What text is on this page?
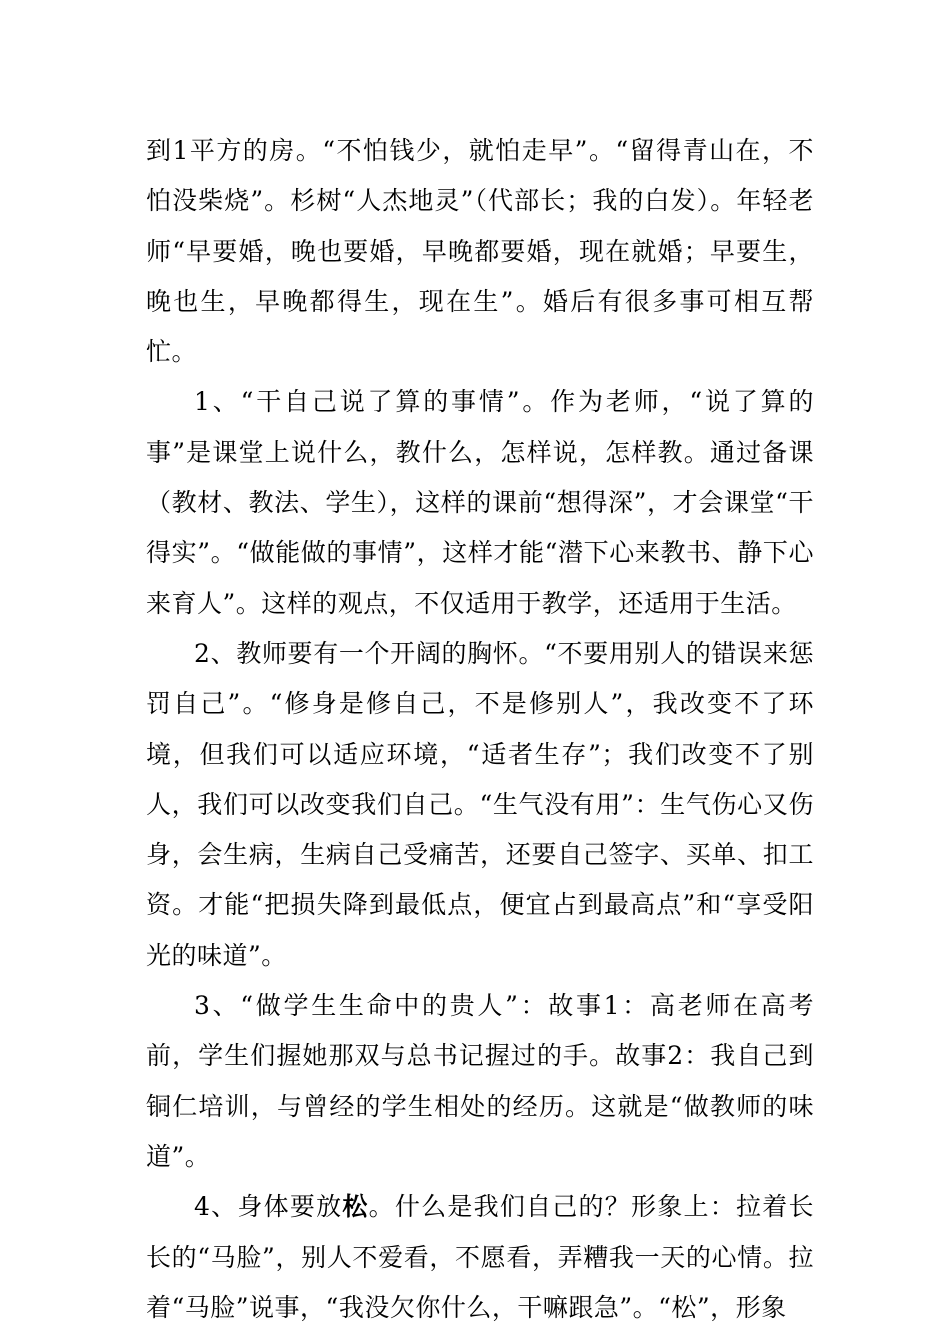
到1平方的房。“不怕钱少，就怕走早”。“留得青山在，不怕没柴烧”。杉树“人杰地灵”（代部长；我的白发）。年轻老师“早要婚，晚也要婚，早晚都要婚，现在就婚；早要生，晚也生，早晚都得生，现在生”。婚后有很多事可相互帮忙。

1、“干自己说了算的事情”。作为老师，“说了算的事”是课堂上说什么，教什么，怎样说，怎样教。通过备课（教材、教法、学生），这样的课前“想得深”，才会课堂“干得实”。“做能做的事情”，这样才能“潜下心来教书、静下心来育人”。这样的观点，不仅适用于教学，还适用于生活。

2、教师要有一个开阔的胸怀。“不要用别人的错误来惩罚自己”。“修身是修自己，不是修别人”，我改变不了环境，但我们可以适应环境，“适者生存”；我们改变不了别人，我们可以改变我们自己。“生气没有用”：生气伤心又伤身，会生病，生病自己受痛苦，还要自己签字、买单、扣工资。才能“把损失降到最低点，便宜占到最高点”和“享受阳光的味道”。

3、“做学生生命中的贵人”：故事1：高老师在高考前，学生们握她那双与总书记握过的手。故事2：我自己到铜仁培训，与曾经的学生相处的经历。这就是“做教师的味道”。

4、身体要放松。什么是我们自己的？形象上：拉着长长的“马脸”，别人不爱看，不愿看，弄糟我一天的心情。拉着“马脸”说事，“我没欠你什么，干嘛跟急”。“松”，形象
